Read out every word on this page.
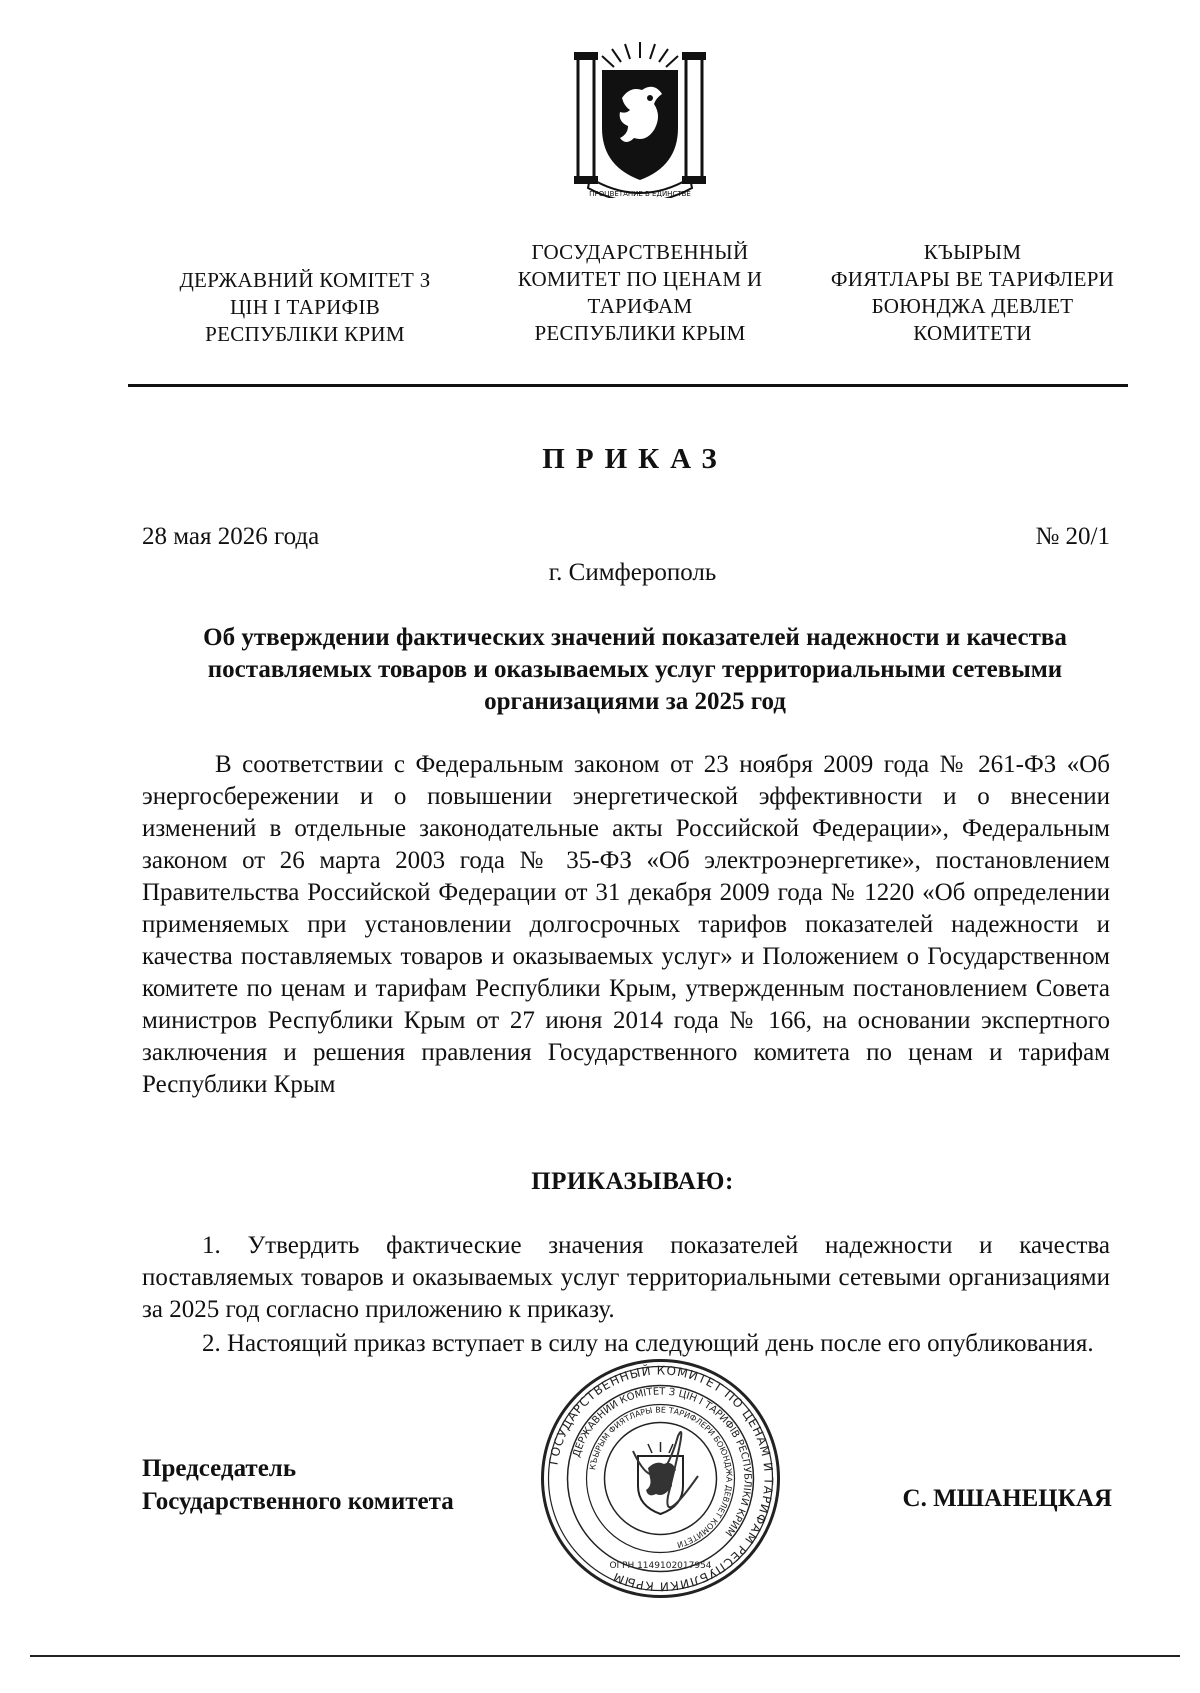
ПРОЦВЕТАНИЕ В ЕДИНСТВЕ
ДЕРЖАВНИЙ КОМІТЕТ З
ЦІН І ТАРИФІВ
РЕСПУБЛІКИ КРИМ
ГОСУДАРСТВЕННЫЙ
КОМИТЕТ ПО ЦЕНАМ И
ТАРИФАМ
РЕСПУБЛИКИ КРЫМ
КЪЫРЫМ
ФИЯТЛАРЫ ВЕ ТАРИФЛЕРИ
БОЮНДЖА ДЕВЛЕТ
КОМИТЕТИ
ПРИКАЗ
28 мая 2026 года	№ 20/1
г. Симферополь
Об утверждении фактических значений показателей надежности и качества поставляемых товаров и оказываемых услуг территориальными сетевыми организациями за 2025 год
В соответствии с Федеральным законом от 23 ноября 2009 года № 261-ФЗ «Об энергосбережении и о повышении энергетической эффективности и о внесении изменений в отдельные законодательные акты Российской Федерации», Федеральным законом от 26 марта 2003 года № 35-ФЗ «Об электроэнергетике», постановлением Правительства Российской Федерации от 31 декабря 2009 года № 1220 «Об определении применяемых при установлении долгосрочных тарифов показателей надежности и качества поставляемых товаров и оказываемых услуг» и Положением о Государственном комитете по ценам и тарифам Республики Крым, утвержденным постановлением Совета министров Республики Крым от 27 июня 2014 года № 166, на основании экспертного заключения и решения правления Государственного комитета по ценам и тарифам Республики Крым
ПРИКАЗЫВАЮ:
1. Утвердить фактические значения показателей надежности и качества поставляемых товаров и оказываемых услуг территориальными сетевыми организациями за 2025 год согласно приложению к приказу.
2. Настоящий приказ вступает в силу на следующий день после его опубликования.
Председатель
Государственного комитета
ГОСУДАРСТВЕННЫЙ КОМИТЕТ ПО ЦЕНАМ И ТАРИФАМ РЕСПУБЛИКИ КРЫМ
ДЕРЖАВНИЙ КОМІТЕТ З ЦІН І ТАРИФІВ РЕСПУБЛІКИ КРИМ
КЪЫРЫМ ФИЯТЛАРЫ ВЕ ТАРИФЛЕРИ БОЮНДЖА ДЕВЛЕТ КОМИТЕТИ
ОГРН 1149102017954
С. МШАНЕЦКАЯ
